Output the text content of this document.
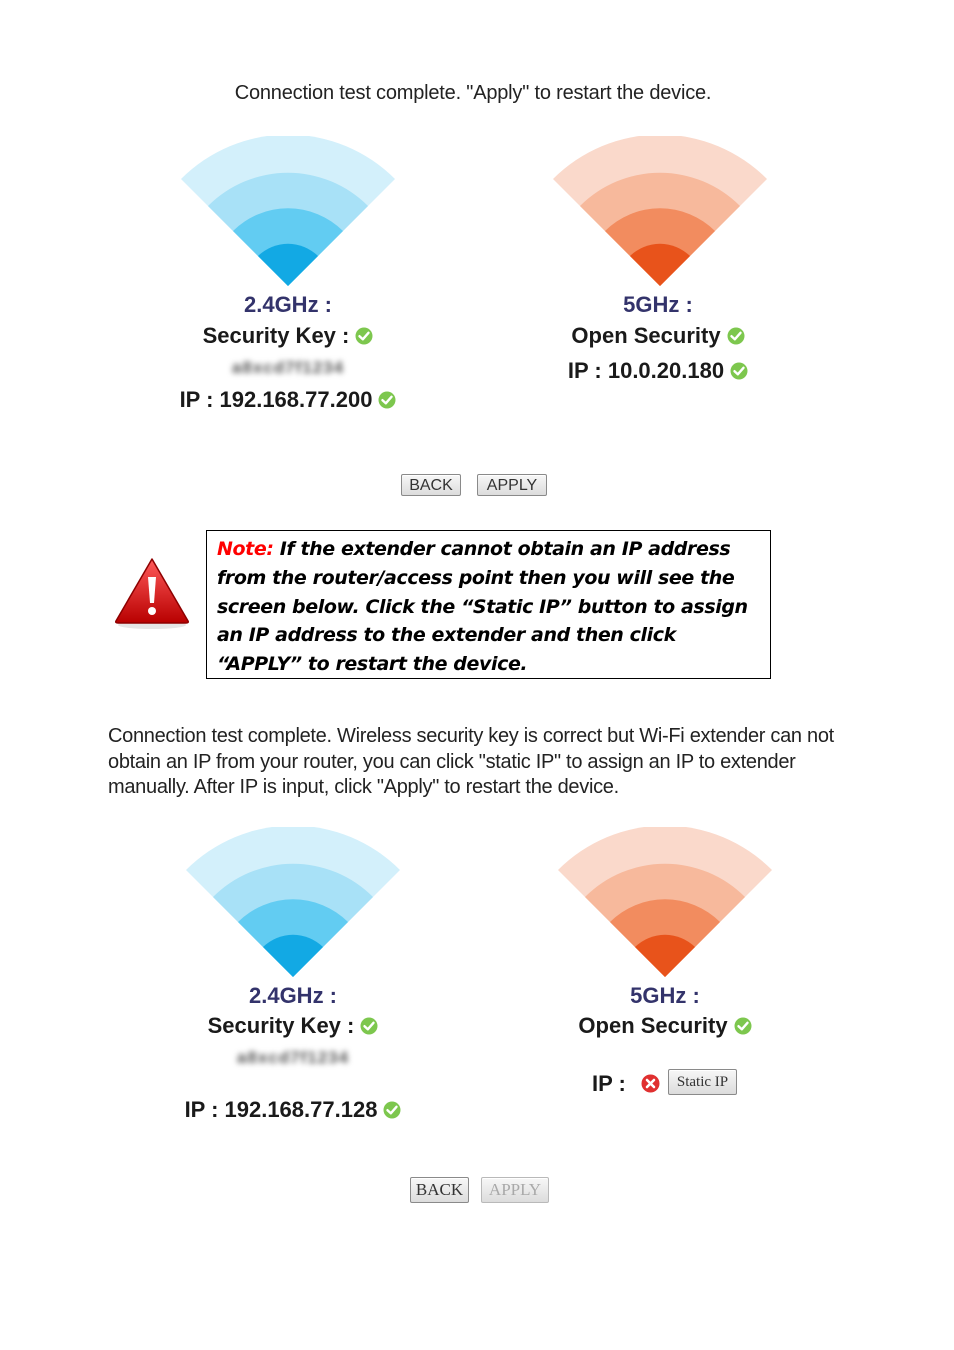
Connection test complete. "Apply" to restart the device.
2.4GHz :
Security Key :
a8xcd7f1234
IP : 192.168.77.200
5GHz :
Open Security
IP : 10.0.20.180
BACK	APPLY
Note: If the extender cannot obtain an IP address from the router/access point then you will see the screen below. Click the “Static IP” button to assign an IP address to the extender and then click “APPLY” to restart the device.
Connection test complete. Wireless security key is correct but Wi-Fi extender can not obtain an IP from your router, you can click "static IP" to assign an IP to extender manually. After IP is input, click "Apply" to restart the device.
2.4GHz :
Security Key :
a8xcd7f1234
IP : 192.168.77.128
5GHz :
Open Security
IP :	Static IP
BACK	APPLY
